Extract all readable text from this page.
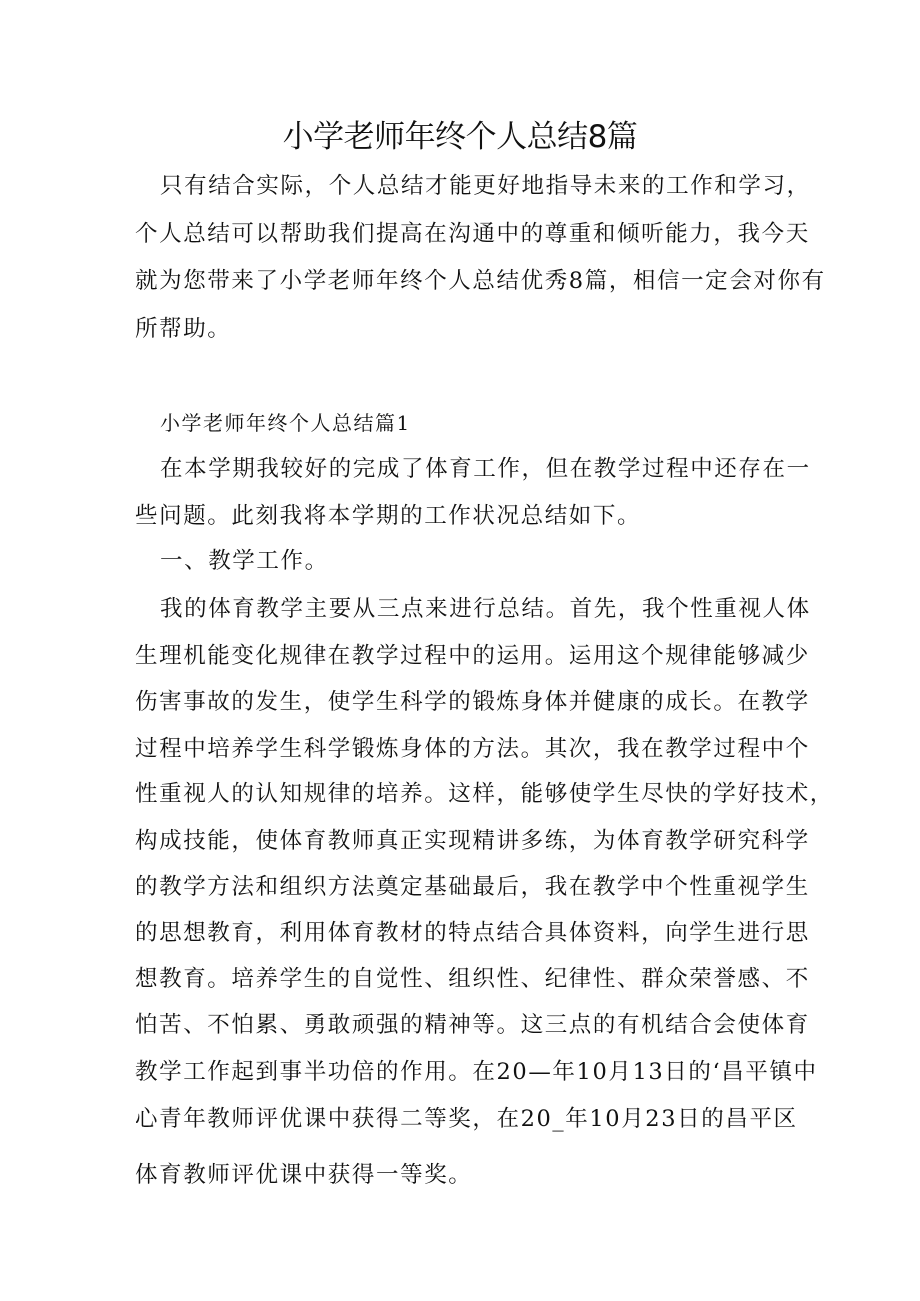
小学老师年终个人总结8篇
只有结合实际，个人总结才能更好地指导未来的工作和学习，
个人总结可以帮助我们提高在沟通中的尊重和倾听能力，我今天
就为您带来了小学老师年终个人总结优秀8篇，相信一定会对你有
所帮助。
小学老师年终个人总结篇1
在本学期我较好的完成了体育工作，但在教学过程中还存在一
些问题。此刻我将本学期的工作状况总结如下。
一、教学工作。
我的体育教学主要从三点来进行总结。首先，我个性重视人体
生理机能变化规律在教学过程中的运用。运用这个规律能够减少
伤害事故的发生，使学生科学的锻炼身体并健康的成长。在教学
过程中培养学生科学锻炼身体的方法。其次，我在教学过程中个
性重视人的认知规律的培养。这样，能够使学生尽快的学好技术，
构成技能，使体育教师真正实现精讲多练，为体育教学研究科学
的教学方法和组织方法奠定基础最后，我在教学中个性重视学生
的思想教育，利用体育教材的特点结合具体资料，向学生进行思
想教育。培养学生的自觉性、组织性、纪律性、群众荣誉感、不
怕苦、不怕累、勇敢顽强的精神等。这三点的有机结合会使体育
教学工作起到事半功倍的作用。在20—年10月13日的‘昌平镇中
心青年教师评优课中获得二等奖，在20_年10月23日的昌平区
体育教师评优课中获得一等奖。
